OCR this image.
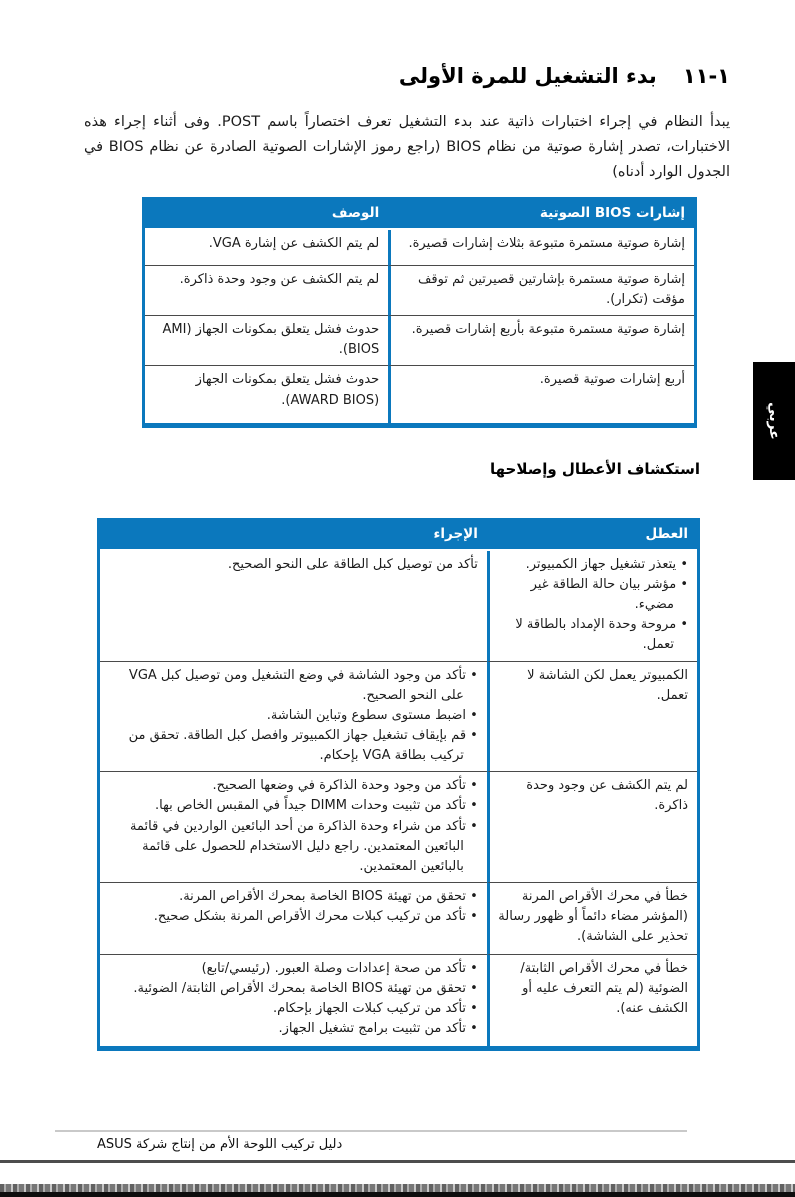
١-١١
بدء التشغيل للمرة الأولى

يبدأ النظام في إجراء اختبارات ذاتية عند بدء التشغيل تعرف اختصاراً باسم POST. وفى أثناء إجراء هذه الاختبارات، تصدر إشارة صوتية من نظام BIOS (راجع رموز الإشارات الصوتية الصادرة عن نظام BIOS في الجدول الوارد أدناه)

إشارات BIOS الصوتية
الوصف
إشارة صوتية مستمرة متبوعة بثلاث إشارات قصيرة.
لم يتم الكشف عن إشارة VGA.
إشارة صوتية مستمرة بإشارتين قصيرتين ثم توقف مؤقت (تكرار).
لم يتم الكشف عن وجود وحدة ذاكرة.
إشارة صوتية مستمرة متبوعة بأربع إشارات قصيرة.
حدوث فشل يتعلق بمكونات الجهاز (AMI BIOS).
أربع إشارات صوتية قصيرة.
حدوث فشل يتعلق بمكونات الجهاز (AWARD BIOS).
استكشاف الأعطال وإصلاحها
العطل
الإجراء
• يتعذر تشغيل جهاز الكمبيوتر.
• مؤشر بيان حالة الطاقة غير مضيء.
• مروحة وحدة الإمداد بالطاقة لا تعمل.
تأكد من توصيل كبل الطاقة على النحو الصحيح.
الكمبيوتر يعمل لكن الشاشة لا تعمل.
• تأكد من وجود الشاشة في وضع التشغيل ومن توصيل كبل VGA على النحو الصحيح.
• اضبط مستوى سطوع وتباين الشاشة.
• قم بإيقاف تشغيل جهاز الكمبيوتر وافصل كبل الطاقة. تحقق من تركيب بطاقة VGA بإحكام.
لم يتم الكشف عن وجود وحدة ذاكرة.
• تأكد من وجود وحدة الذاكرة في وضعها الصحيح.
• تأكد من تثبيت وحدات DIMM جيداً في المقبس الخاص بها.
• تأكد من شراء وحدة الذاكرة من أحد البائعين الواردين في قائمة البائعين المعتمدين. راجع دليل الاستخدام للحصول على قائمة بالبائعين المعتمدين.
خطأ في محرك الأقراص المرنة (المؤشر مضاء دائماً أو ظهور رسالة تحذير على الشاشة).
• تحقق من تهيئة BIOS الخاصة بمحرك الأقراص المرنة.
• تأكد من تركيب كبلات محرك الأقراص المرنة بشكل صحيح.
خطأ في محرك الأقراص الثابتة/ الضوئية (لم يتم التعرف عليه أو الكشف عنه).
• تأكد من صحة إعدادات وصلة العبور. (رئيسي/تابع)
• تحقق من تهيئة BIOS الخاصة بمحرك الأقراص الثابتة/ الضوئية.
• تأكد من تركيب كبلات الجهاز بإحكام.
• تأكد من تثبيت برامج تشغيل الجهاز.
عربي
دليل تركيب اللوحة الأم من إنتاج شركة ASUS
